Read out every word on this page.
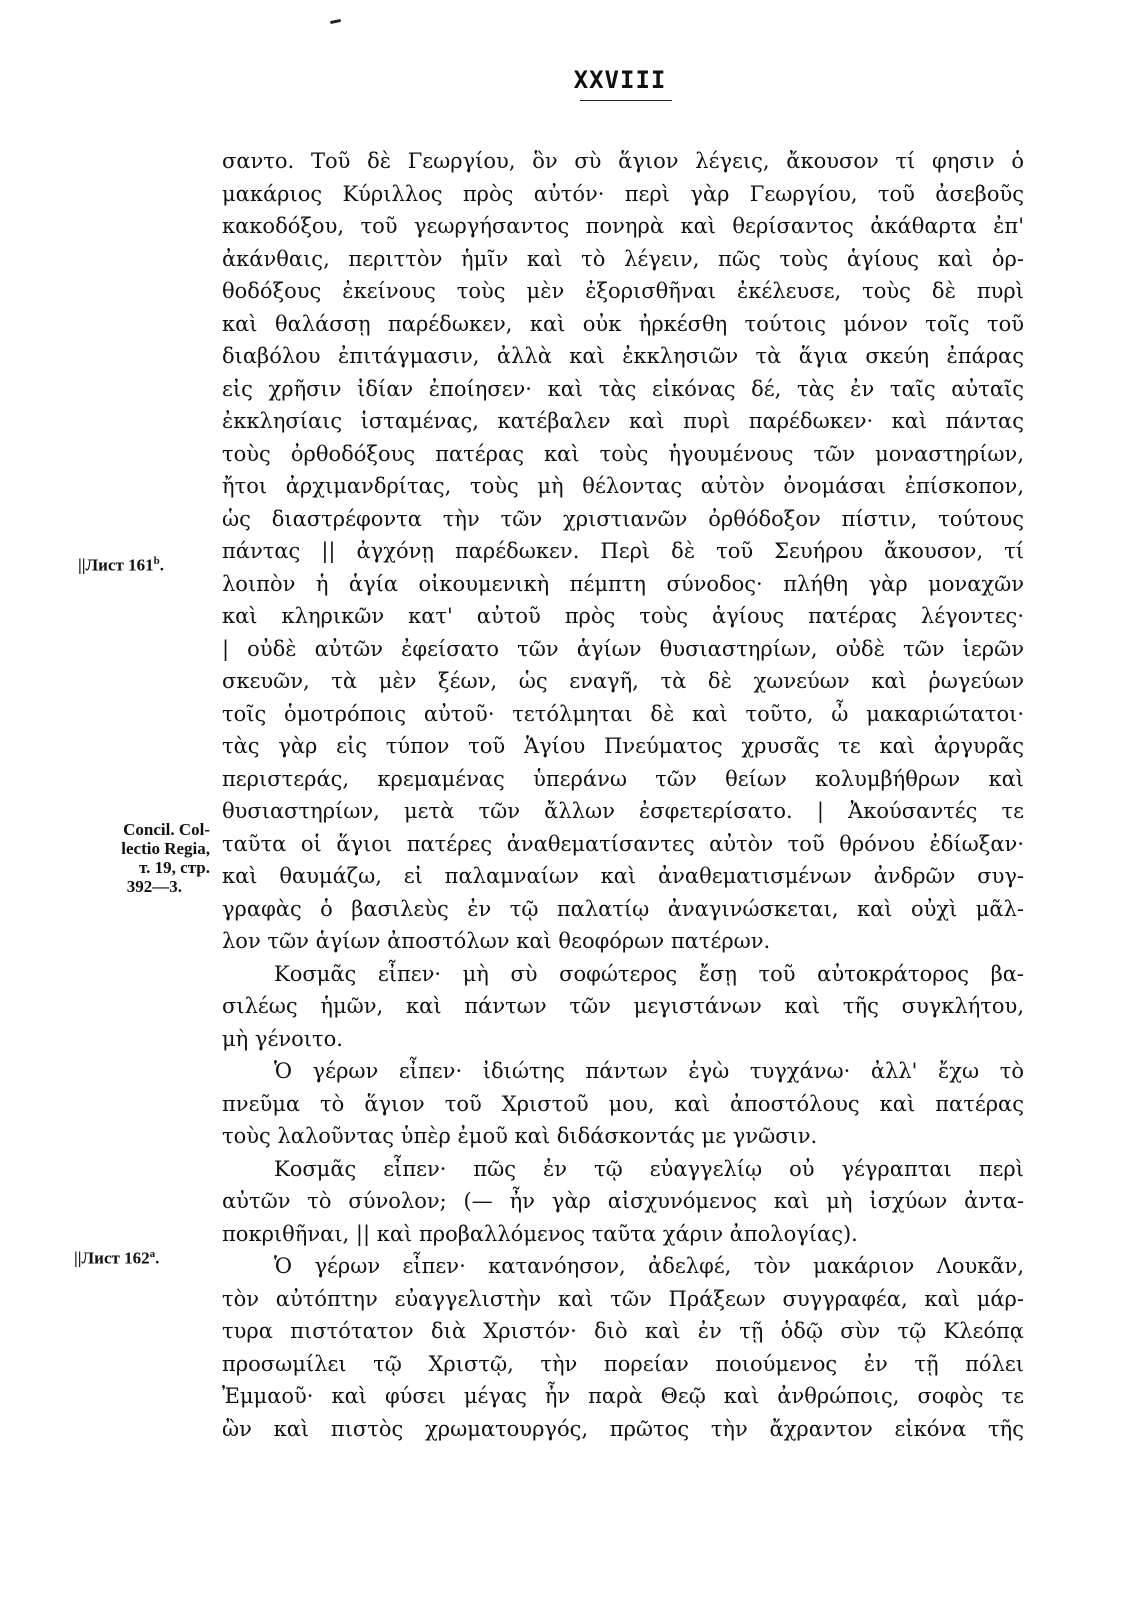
XXVIII
||Лист 161$^b$.
Concil. Col-
lectio Regia,
т. 19, стр.
392—3.
||Лист 162$^a$.
σαντο. Τοῦ δὲ Γεωργίου, ὃν σὺ ἅγιον λέγεις, ἄκουσον τί φησιν ὁ
μακάριος Κύριλλος πρὸς αὐτόν· περὶ γὰρ Γεωργίου, τοῦ ἀσεβοῦς
κακοδόξου, τοῦ γεωργήσαντος πονηρὰ καὶ θερίσαντος ἀκάθαρτα ἐπ'
ἀκάνθαις, περιττὸν ἡμῖν καὶ τὸ λέγειν, πῶς τοὺς ἁγίους καὶ ὀρ-
θοδόξους ἐκείνους τοὺς μὲν ἐξορισθῆναι ἐκέλευσε, τοὺς δὲ πυρὶ
καὶ θαλάσσῃ παρέδωκεν, καὶ οὐκ ἠρκέσθη τούτοις μόνον τοῖς τοῦ
διαβόλου ἐπιτάγμασιν, ἀλλὰ καὶ ἐκκλησιῶν τὰ ἅγια σκεύη ἐπάρας
εἰς χρῆσιν ἰδίαν ἐποίησεν· καὶ τὰς εἰκόνας δέ, τὰς ἐν ταῖς αὐταῖς
ἐκκλησίαις ἱσταμένας, κατέβαλεν καὶ πυρὶ παρέδωκεν· καὶ πάντας
τοὺς ὀρθοδόξους πατέρας καὶ τοὺς ἡγουμένους τῶν μοναστηρίων,
ἤτοι ἀρχιμανδρίτας, τοὺς μὴ θέλοντας αὐτὸν ὀνομάσαι ἐπίσκοπον,
ὡς διαστρέφοντα τὴν τῶν χριστιανῶν ὀρθόδοξον πίστιν, τούτους
πάντας || ἀγχόνῃ παρέδωκεν. Περὶ δὲ τοῦ Σευήρου ἄκουσον, τί
λοιπὸν ἡ ἁγία οἰκουμενικὴ πέμπτη σύνοδος· πλήθη γὰρ μοναχῶν
καὶ κληρικῶν κατ' αὐτοῦ πρὸς τοὺς ἁγίους πατέρας λέγοντες·
| οὐδὲ αὐτῶν ἐφείσατο τῶν ἁγίων θυσιαστηρίων, οὐδὲ τῶν ἱερῶν
σκευῶν, τὰ μὲν ξέων, ὡς εναγῆ, τὰ δὲ χωνεύων καὶ ῥωγεύων
τοῖς ὁμοτρόποις αὐτοῦ· τετόλμηται δὲ καὶ τοῦτο, ὦ μακαριώτατοι·
τὰς γὰρ εἰς τύπον τοῦ Ἁγίου Πνεύματος χρυσᾶς τε καὶ ἀργυρᾶς
περιστεράς, κρεμαμένας ὑπεράνω τῶν θείων κολυμβήθρων καὶ
θυσιαστηρίων, μετὰ τῶν ἄλλων ἐσφετερίσατο. | Ἀκούσαντές τε
ταῦτα οἱ ἅγιοι πατέρες ἀναθεματίσαντες αὐτὸν τοῦ θρόνου ἐδίωξαν·
καὶ θαυμάζω, εἰ παλαμναίων καὶ ἀναθεματισμένων ἀνδρῶν συγ-
γραφὰς ὁ βασιλεὺς ἐν τῷ παλατίῳ ἀναγινώσκεται, καὶ οὐχὶ μᾶλ-
λον τῶν ἁγίων ἀποστόλων καὶ θεοφόρων πατέρων.
Κοσμᾶς εἶπεν· μὴ σὺ σοφώτερος ἔσῃ τοῦ αὐτοκράτορος βα-
σιλέως ἡμῶν, καὶ πάντων τῶν μεγιστάνων καὶ τῆς συγκλήτου,
μὴ γένοιτο.
Ὁ γέρων εἶπεν· ἰδιώτης πάντων ἐγὼ τυγχάνω· ἀλλ' ἔχω τὸ
πνεῦμα τὸ ἅγιον τοῦ Χριστοῦ μου, καὶ ἀποστόλους καὶ πατέρας
τοὺς λαλοῦντας ὑπὲρ ἐμοῦ καὶ διδάσκοντάς με γνῶσιν.
Κοσμᾶς εἶπεν· πῶς ἐν τῷ εὐαγγελίῳ οὐ γέγραπται περὶ
αὐτῶν τὸ σύνολον; (— ἦν γὰρ αἰσχυνόμενος καὶ μὴ ἰσχύων ἀντα-
ποκριθῆναι, || καὶ προβαλλόμενος ταῦτα χάριν ἀπολογίας).
Ὁ γέρων εἶπεν· κατανόησον, ἀδελφέ, τὸν μακάριον Λουκᾶν,
τὸν αὐτόπτην εὐαγγελιστὴν καὶ τῶν Πράξεων συγγραφέα, καὶ μάρ-
τυρα πιστότατον διὰ Χριστόν· διὸ καὶ ἐν τῇ ὁδῷ σὺν τῷ Κλεόπᾳ
προσωμίλει τῷ Χριστῷ, τὴν πορείαν ποιούμενος ἐν τῇ πόλει
Ἐμμαοῦ· καὶ φύσει μέγας ἦν παρὰ Θεῷ καὶ ἀνθρώποις, σοφὸς τε
ὢν καὶ πιστὸς χρωματουργός, πρῶτος τὴν ἄχραντον εἰκόνα τῆς
